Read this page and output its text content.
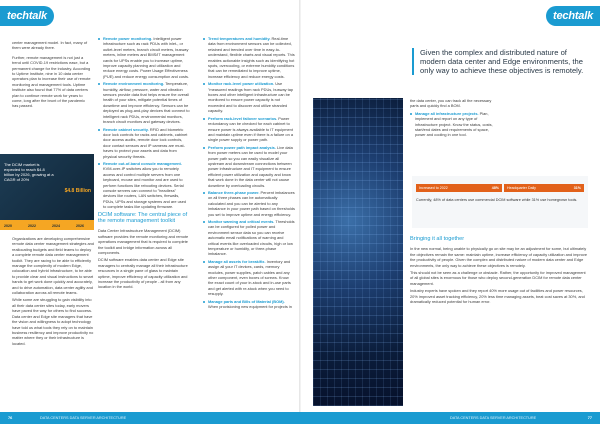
techtalk	techtalk

center management model. In fact, many of them were already there.

Further, remote management is not just a trend until COVID-19 restrictions ease, but a permanent change for the industry. According to Uptime Institute, nine in 10 data center operators plan to increase their use of remote monitoring and management tools. Uptime Institute also found that 77% of data centers plan to continue remote work for years to come, long after the brunt of the pandemic has passed.

The DCIM market is expected to reach $4.8 billion by 2026, growing at a CAGR of 20%
$4.8 Billion
2020	2022	2024	2026

Organizations are developing comprehensive remote data center management strategies and reallocating budgets and field teams to deploy a complete remote data center management toolkit. They are racing to be able to efficiently manage the complexity of modern Edge, colocation and hybrid infrastructure, to be able to provide clear and visual instructions to smart hands to get work done quickly and accurately, and to drive automation, data center agility and collaboration across all remote teams.

While some are struggling to gain visibility into all their data center sites today, early movers have paved the way for others to find success. Data center and Edge site managers that have the vision and willingness to adopt technology have told us what tools they rely on to maintain business resiliency and improve productivity no matter where they or their infrastructure is located.

Remote power monitoring. Intelligent power infrastructure such as rack PDUs with inlet-, or outlet-level meters, branch circuit meters, busway meters, inline meters and BMS/IT management cards for UPSs enable you to increase uptime, improve capacity planning and utilization and reduce energy costs. Power Usage Effectiveness (PUE) and reduce energy consumption and costs.
Remote environment monitoring. Temperature, humidity, airflow, pressure, water and vibration sensors provide data that helps ensure the overall health of your sites, mitigate potential times of downtime and improve efficiency. Sensors can be deployed as plug-and-play devices that connect to intelligent rack PDUs, environmental monitors, branch circuit monitors and gateway devices.
Remote cabinet security. RFID and biometric door lock controls for racks and cabinets, cabinet door access audits, remote door lock controls, door contact sensors and IP cameras are must-haves to protect your assets and data from physical security threats.
Remote out-of-band console management. KVM-over-IP switches allow you to remotely access and control multiple servers from one keyboard, mouse and monitor and are used to perform functions like rebooting devices. Serial console servers can connect to "headless" devices like routers, LAN switches, firewalls, PDUs, UPSs and storage systems and are used to complete tasks like updating firmware.
DCIM software: The central piece of the remote management toolkit

Data Center Infrastructure Management (DCIM) software provides the remote monitoring and remote operations management that is required to complete the toolkit and bridge information across all components.

DCIM software enables data center and Edge site managers to centrally manage all their infrastructure resources in a single pane of glass to maintain uptime, improve efficiency of capacity utilization and increase the productivity of people - all from any location in the world.

Trend temperatures and humidity. Real-time data from environment sensors can be collected, retained and trended over time in easy-to-understand, flexible charts and visual reports. This enables actionable insights such as identifying hot spots, overcooling, or extreme humidity conditions that can be remediated to improve uptime, increase efficiency and reduce energy costs.
Monitor rack-level power utilization. Use "measured readings from rack PDUs, busway tap boxes and other intelligent infrastructure can be monitored to ensure power capacity is not exceeded and to discover and utilize stranded capacity.
Perform rack-level failover scenarios. Power redundancy can be checked for each cabinet to ensure power is always available to IT equipment and maintain uptime even if there is a failure on a single power supply or power path.
Perform power path impact analysis. Live data from power meters can be used to model your power path so you can easily visualize all upstream and downstream connections between power infrastructure and IT equipment to ensure efficient power utilization and capacity and know that work done in the data center will not cause downtime by overloading circuits.
Balance three-phase power. Percent imbalances on all three phases can be automatically calculated and you can be alerted to any imbalance in your power path based on thresholds you set to improve uptime and energy efficiency.
Monitor warning and critical events. Thresholds can be configured for polled power and environment sensor data so you can receive automatic email notifications of warning and critical events like overloaded circuits, high or low temperature or humidity, or three-phase imbalance.
Manage all assets for break/fix. Inventory and assign all your IT devices, cards, memory modules, power supplies, patch cables and any other component, even boxes of screws. Know the exact count of your in-stock and in-use parts and get alerted with re-stock when you need to resupply.
Manage parts and Bills of Material (BOM). When provisioning new equipment for projects in
Given the complex and distributed nature of modern data center and Edge environments, the only way to achieve these objectives is remotely.

the data center, you can track all the necessary parts and quickly find a BOM.

Manage all infrastructure projects. Plan, implement and report on any type of infrastructure project. Know the status, costs, start/end dates and requirements of space, power and cooling in one tool.
Increased to 2022	48%	Headquarter Daily	31%
Currently, 48% of data centers use commercial DCIM software while 31% use homegrown tools.
Bringing it all together

In the new normal, being unable to physically go on site may be an adjustment for some, but ultimately the objectives remain the same: maintain uptime, increase efficiency of capacity utilization and improve the productivity of people. Given the complex and distributed nature of modern data center and Edge environments, the only way to achieve these objectives is remotely.

This should not be seen as a challenge or obstacle. Rather, the opportunity for improved management of all global sites is enormous for those who deploy second-generation DCIM for remote data center management.

Industry experts have spoken and they report 40% more usage out of facilities and power resources, 20% improved asset tracking efficiency, 20% less time managing assets, beat cost saves at 30%, and dramatically reduced potential for human error.

76	DATA CENTERS DATA SERVER ARCHITECTURE	DATA CENTERS DATA SERVER ARCHITECTURE	77
